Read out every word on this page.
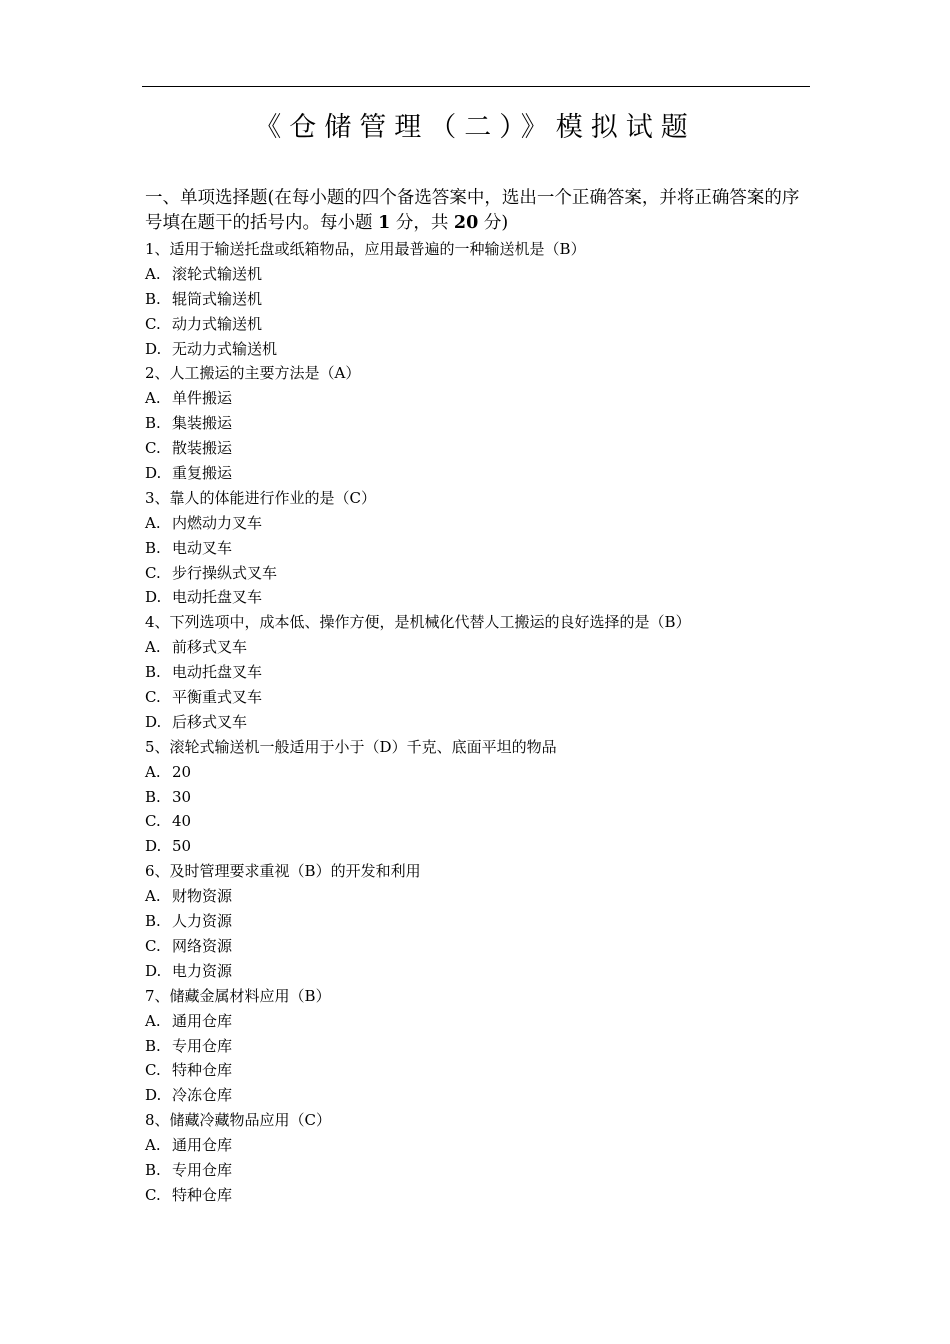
《仓储管理（二）》模拟试题
一、单项选择题(在每小题的四个备选答案中，选出一个正确答案，并将正确答案的序号填在题干的括号内。每小题 1 分，共 20 分)
1、适用于输送托盘或纸箱物品，应用最普遍的一种输送机是（B）
A. 滚轮式输送机
B. 辊筒式输送机
C. 动力式输送机
D. 无动力式输送机
2、人工搬运的主要方法是（A）
A. 单件搬运
B. 集装搬运
C. 散装搬运
D. 重复搬运
3、靠人的体能进行作业的是（C）
A. 内燃动力叉车
B. 电动叉车
C. 步行操纵式叉车
D. 电动托盘叉车
4、下列选项中，成本低、操作方便，是机械化代替人工搬运的良好选择的是（B）
A. 前移式叉车
B. 电动托盘叉车
C. 平衡重式叉车
D. 后移式叉车
5、滚轮式输送机一般适用于小于（D）千克、底面平坦的物品
A. 20
B. 30
C. 40
D. 50
6、及时管理要求重视（B）的开发和利用
A. 财物资源
B. 人力资源
C. 网络资源
D. 电力资源
7、储藏金属材料应用（B）
A. 通用仓库
B. 专用仓库
C. 特种仓库
D. 冷冻仓库
8、储藏冷藏物品应用（C）
A. 通用仓库
B. 专用仓库
C. 特种仓库
